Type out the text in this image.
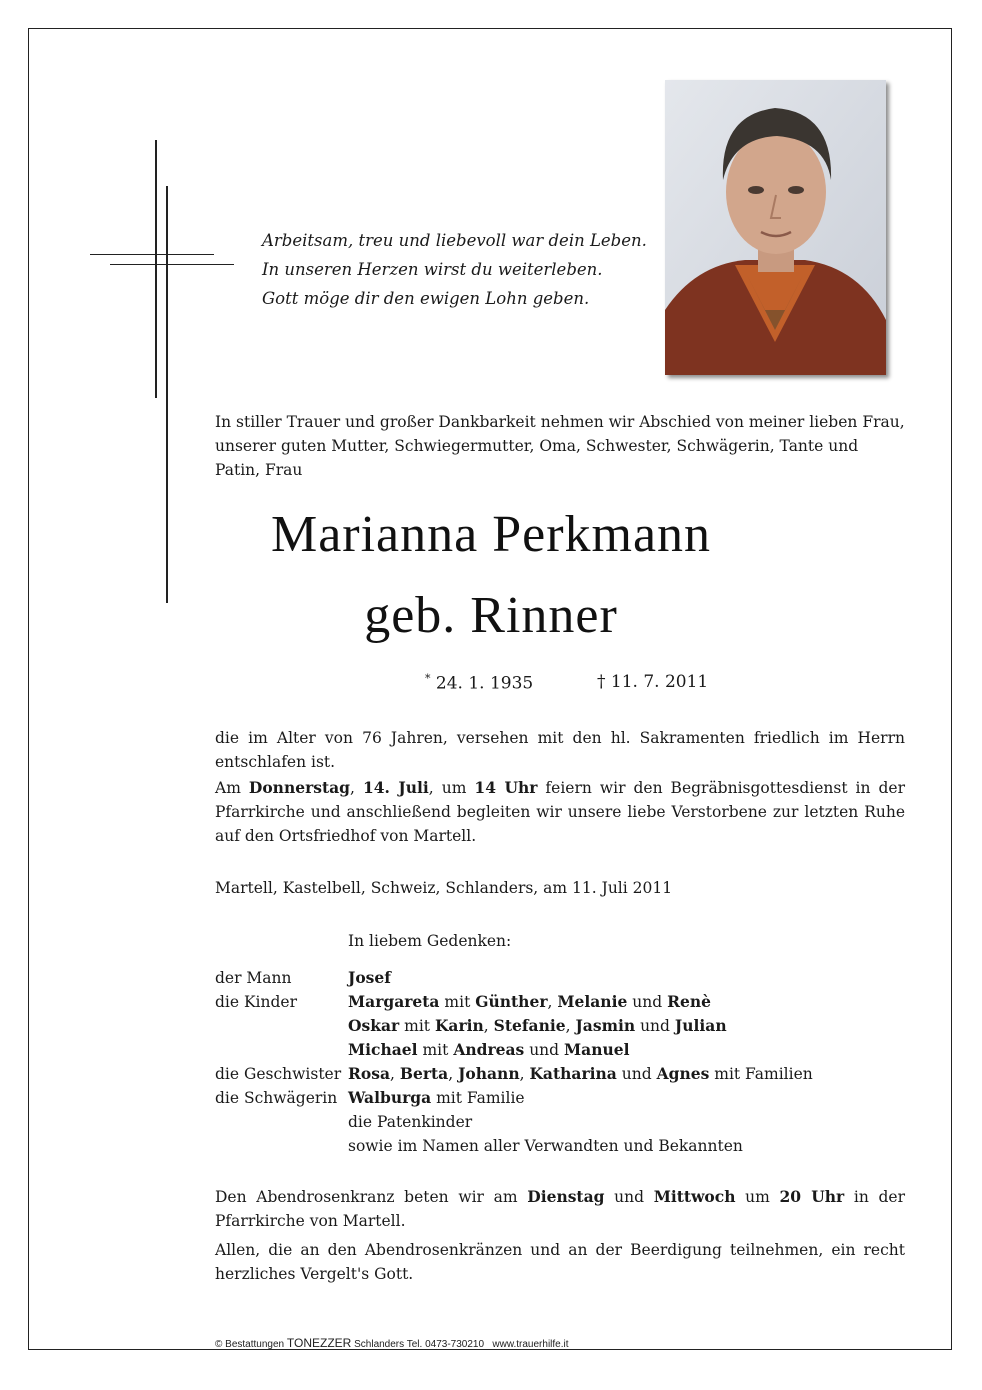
Arbeitsam, treu und liebevoll war dein Leben.
In unseren Herzen wirst du weiterleben.
Gott möge dir den ewigen Lohn geben.
In stiller Trauer und großer Dankbarkeit nehmen wir Abschied von meiner lieben Frau, unserer guten Mutter, Schwiegermutter, Oma, Schwester, Schwägerin, Tante und Patin, Frau
Marianna Perkmann
geb. Rinner
* 24. 1. 1935	† 11. 7. 2011
die im Alter von 76 Jahren, versehen mit den hl. Sakramenten friedlich im Herrn entschlafen ist.
Am Donnerstag, 14. Juli, um 14 Uhr feiern wir den Begräbnisgottesdienst in der Pfarrkirche und anschließend begleiten wir unsere liebe Verstorbene zur letzten Ruhe auf den Ortsfriedhof von Martell.
Martell, Kastelbell, Schweiz, Schlanders, am 11. Juli 2011
In liebem Gedenken:
der Mann	Josef
die Kinder	Margareta mit Günther, Melanie und Renè
Oskar mit Karin, Stefanie, Jasmin und Julian
Michael mit Andreas und Manuel
die Geschwister Rosa, Berta, Johann, Katharina und Agnes mit Familien
die Schwägerin Walburga mit Familie
die Patenkinder
sowie im Namen aller Verwandten und Bekannten
Den Abendrosenkranz beten wir am Dienstag und Mittwoch um 20 Uhr in der Pfarrkirche von Martell.
Allen, die an den Abendrosenkränzen und an der Beerdigung teilnehmen, ein recht herzliches Vergelt's Gott.
© Bestattungen TONEZZER Schlanders Tel. 0473-730210 www.trauerhilfe.it
